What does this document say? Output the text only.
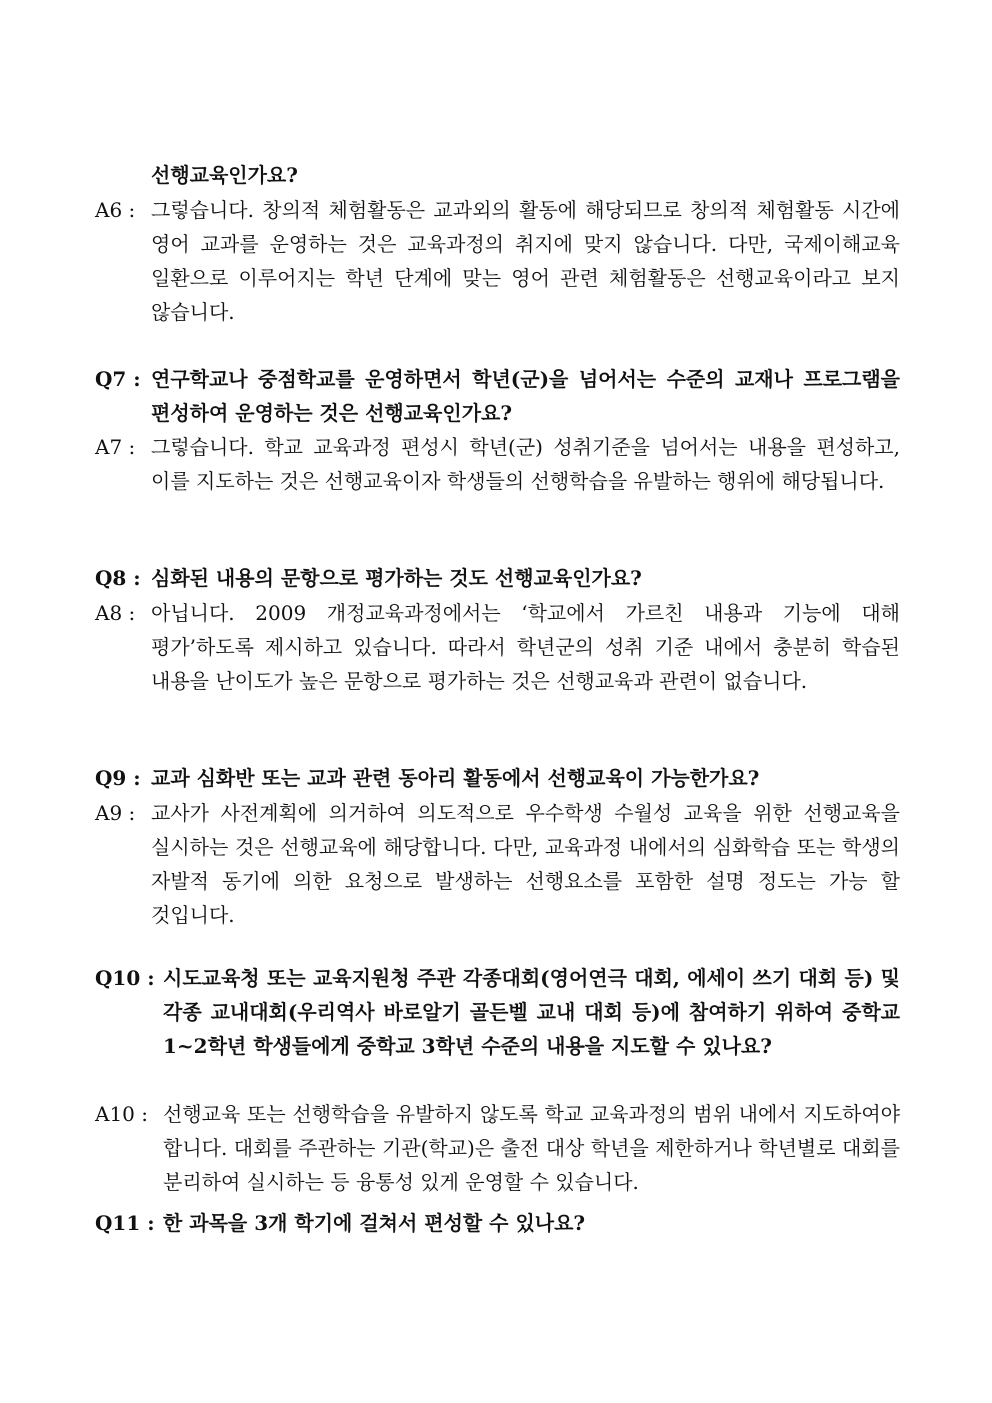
선행교육인가요?
A6 : 그렇습니다. 창의적 체험활동은 교과외의 활동에 해당되므로 창의적 체험활동 시간에 영어 교과를 운영하는 것은 교육과정의 취지에 맞지 않습니다. 다만, 국제이해교육 일환으로 이루어지는 학년 단계에 맞는 영어 관련 체험활동은 선행교육이라고 보지 않습니다.
Q7 : 연구학교나 중점학교를 운영하면서 학년(군)을 넘어서는 수준의 교재나 프로그램을 편성하여 운영하는 것은 선행교육인가요?
A7 : 그렇습니다. 학교 교육과정 편성시 학년(군) 성취기준을 넘어서는 내용을 편성하고, 이를 지도하는 것은 선행교육이자 학생들의 선행학습을 유발하는 행위에 해당됩니다.
Q8 : 심화된 내용의 문항으로 평가하는 것도 선행교육인가요?
A8 : 아닙니다. 2009 개정교육과정에서는 ‘학교에서 가르친 내용과 기능에 대해 평가’하도록 제시하고 있습니다. 따라서 학년군의 성취 기준 내에서 충분히 학습된 내용을 난이도가 높은 문항으로 평가하는 것은 선행교육과 관련이 없습니다.
Q9 : 교과 심화반 또는 교과 관련 동아리 활동에서 선행교육이 가능한가요?
A9 : 교사가 사전계획에 의거하여 의도적으로 우수학생 수월성 교육을 위한 선행교육을 실시하는 것은 선행교육에 해당합니다. 다만, 교육과정 내에서의 심화학습 또는 학생의 자발적 동기에 의한 요청으로 발생하는 선행요소를 포함한 설명 정도는 가능 할 것입니다.
Q10 : 시도교육청 또는 교육지원청 주관 각종대회(영어연극 대회, 에세이 쓰기 대회 등) 및 각종 교내대회(우리역사 바로알기 골든벨 교내 대회 등)에 참여하기 위하여 중학교 1~2학년 학생들에게 중학교 3학년 수준의 내용을 지도할 수 있나요?
A10 : 선행교육 또는 선행학습을 유발하지 않도록 학교 교육과정의 범위 내에서 지도하여야 합니다. 대회를 주관하는 기관(학교)은 출전 대상 학년을 제한하거나 학년별로 대회를 분리하여 실시하는 등 융통성 있게 운영할 수 있습니다.
Q11 : 한 과목을 3개 학기에 걸쳐서 편성할 수 있나요?
